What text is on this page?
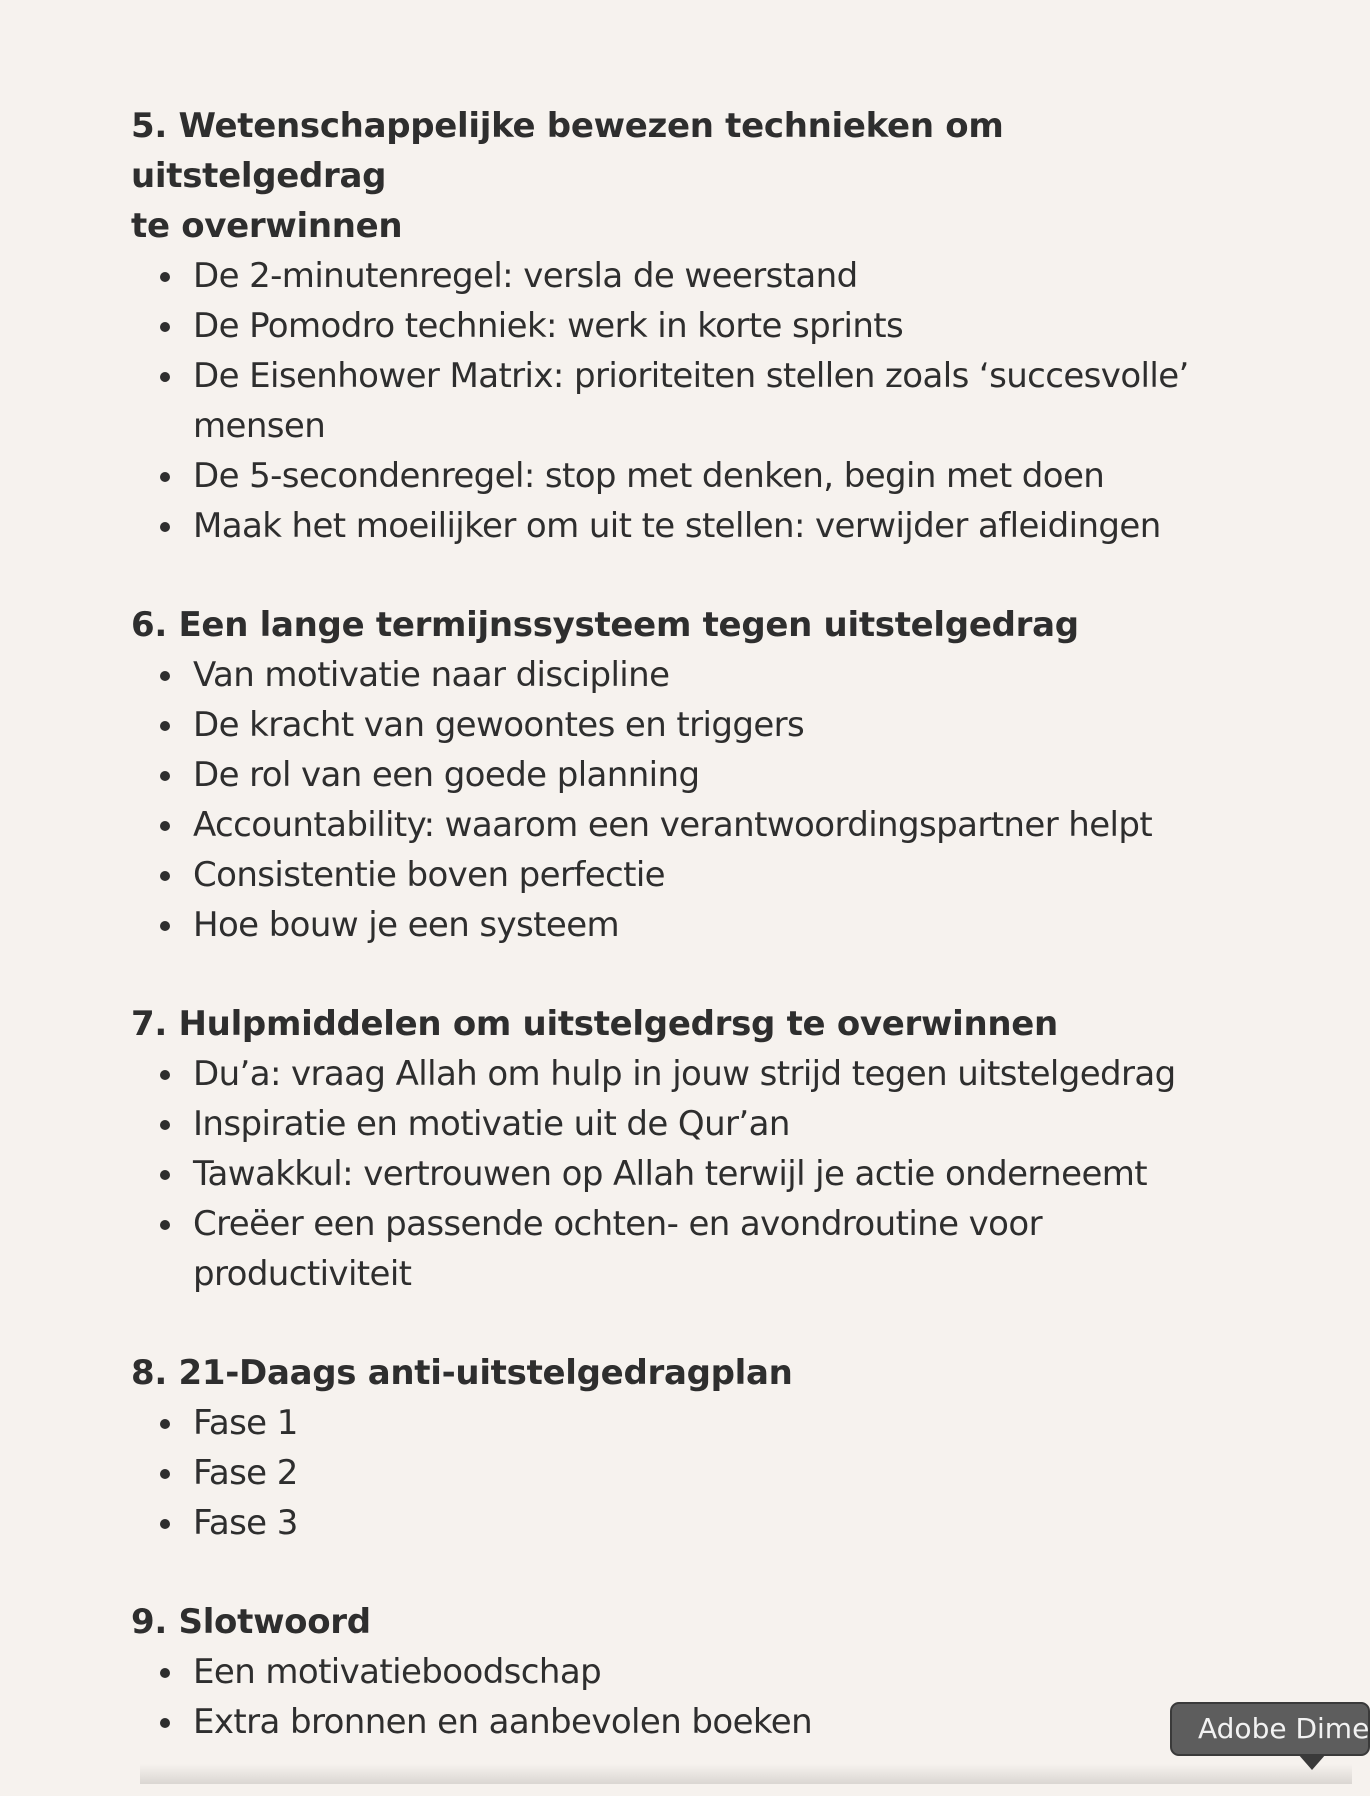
5. Wetenschappelijke bewezen technieken om uitstelgedrag
te overwinnen
De 2-minutenregel: versla de weerstand
De Pomodro techniek: werk in korte sprints
De Eisenhower Matrix: prioriteiten stellen zoals ‘succesvolle’
mensen
De 5-secondenregel: stop met denken, begin met doen
Maak het moeilijker om uit te stellen: verwijder afleidingen
6. Een lange termijnssysteem tegen uitstelgedrag
Van motivatie naar discipline
De kracht van gewoontes en triggers
De rol van een goede planning
Accountability: waarom een verantwoordingspartner helpt
Consistentie boven perfectie
Hoe bouw je een systeem
7. Hulpmiddelen om uitstelgedrsg te overwinnen
Du’a: vraag Allah om hulp in jouw strijd tegen uitstelgedrag
Inspiratie en motivatie uit de Qur’an
Tawakkul: vertrouwen op Allah terwijl je actie onderneemt
Creëer een passende ochten- en avondroutine voor
productiviteit
8. 21-Daags anti-uitstelgedragplan
Fase 1
Fase 2
Fase 3
9. Slotwoord
Een motivatieboodschap
Extra bronnen en aanbevolen boeken	Adobe Dime
